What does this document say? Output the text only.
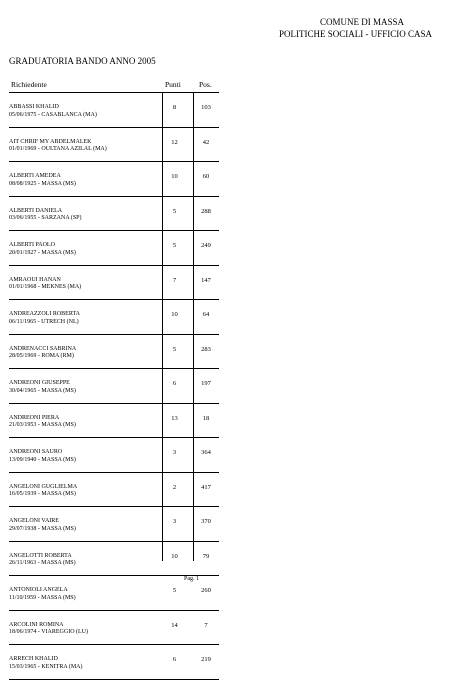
COMUNE DI MASSA
POLITICHE SOCIALI - UFFICIO CASA
GRADUATORIA BANDO ANNO 2005
Richiedente	Punti Pos.
ABBASSI KHALID
05/06/1975 - CASABLANCA (MA)
8	103
AIT CHRIF MY ABDELMALEK
01/01/1969 - OULTANA AZILAL (MA)
12	42
ALBERTI AMEDEA
08/08/1925 - MASSA (MS)
10	60
ALBERTI DANIELA
03/06/1955 - SARZANA (SP)
5	288
ALBERTI PAOLO
20/01/1927 - MASSA (MS)
5	249
AMRAOUI HANAN
01/01/1968 - MEKNES (MA)
7	147
ANDREAZZOLI ROBERTA
06/11/1965 - UTRECH (NL)
10	64
ANDRENACCI SABRINA
28/05/1969 - ROMA (RM)
5	283
ANDREONI GIUSEPPE
30/04/1965 - MASSA (MS)
6	197
ANDREONI PIERA
21/03/1953 - MASSA (MS)
13	18
ANDREONI SAURO
13/09/1940 - MASSA (MS)
3	364
ANGELONI GUGLIELMA
16/05/1939 - MASSA (MS)
2	417
ANGELONI VAIRE
29/07/1938 - MASSA (MS)
3	370
ANGELOTTI ROBERTA
26/11/1963 - MASSA (MS)
10	79
ANTONIOLI ANGELA
11/10/1959 - MASSA (MS)
5	260
ARCOLINI ROMINA
18/06/1974 - VIAREGGIO (LU)
14	7
ARRECH KHALID
15/03/1965 - KENITRA (MA)
6	219
Pag. 1
